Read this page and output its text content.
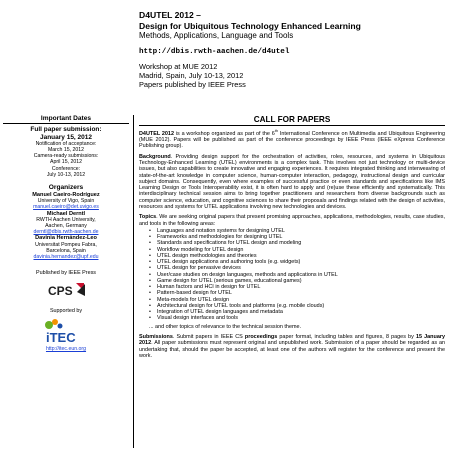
D4UTEL 2012 –
Design for Ubiquitous Technology Enhanced Learning
Methods, Applications, Language and Tools
http://dbis.rwth-aachen.de/d4utel
Workshop at MUE 2012
Madrid, Spain, July 10-13, 2012
Papers published by IEEE Press
Important Dates
Full paper submission:
January 15, 2012
Notification of acceptance:
March 15, 2012
Camera-ready submissions:
April 15, 2012
Conference:
July 10-13, 2012
Organizers
Manuel Caeiro-Rodríguez
University of Vigo, Spain
manuel.caeiro@det.uvigo.es
Michael Derntl
RWTH Aachen University,
Aachen, Germany
derntl@dbis.rwth-aachen.de
Davinia Hernández-Leo
Universitat Pompeu Fabra,
Barcelona, Spain
davinia.hernandez@upf.edu
Published by IEEE Press
CPS
Supported by
iTEC
http://itec.eun.org
CALL FOR PAPERS

D4UTEL 2012 is a workshop organized as part of the 6th International Conference on Multimedia and Ubiquitous Engineering (MUE 2012). Papers will be published as part of the conference proceedings by IEEE Press (IEEE eXpress Conference Publishing group).

Background. Providing design support for the orchestration of activities, roles, resources, and systems in Ubiquitous Technology-Enhanced Learning (UTEL) environments is a complex task. This involves not just technology or multi-device issues, but also capabilities to create innovative and engaging experiences. It requires integrated thinking and interweaving of state-of-the-art knowledge in computer science, human-computer interaction, pedagogy, instructional design and curricular subject domains. Consequently, even where examples of successful practice or even standards and specifications like IMS Learning Design or Tools Interoperability exist, it is often hard to apply and (re)use these efficiently and systematically. This interdisciplinary technical session aims to bring together practitioners and researchers from diverse backgrounds such as computer science, education, and cognitive sciences to share their proposals and findings related with the design of activities, resources and systems for UTEL applications involving new technologies and devices.

Topics. We are seeking original papers that present promising approaches, applications, methodologies, results, case studies, and tools in the following areas:

• Languages and notation systems for designing UTEL
• Frameworks and methodologies for designing UTEL
• Standards and specifications for UTEL design and modeling
• Workflow modeling for UTEL design
• UTEL design methodologies and theories
• UTEL design applications and authoring tools (e.g. widgets)
• UTEL design for pervasive devices
• User/case studies on design languages, methods and applications in UTEL
• Game design for UTEL (serious games, educational games)
• Human factors and HCI in design for UTEL
• Pattern-based design for UTEL
• Meta-models for UTEL design
• Architectural design for UTEL tools and platforms (e.g. mobile clouds)
• Integration of UTEL design languages and metadata
• Visual design interfaces and tools
... and other topics of relevance to the technical session theme.

Submissions. Submit papers in IEEE CS proceedings paper format, including tables and figures, 8 pages by 15 January 2012. All paper submissions must represent original and unpublished work. Submission of a paper should be regarded as an undertaking that, should the paper be accepted, at least one of the authors will register for the conference and present the work.
